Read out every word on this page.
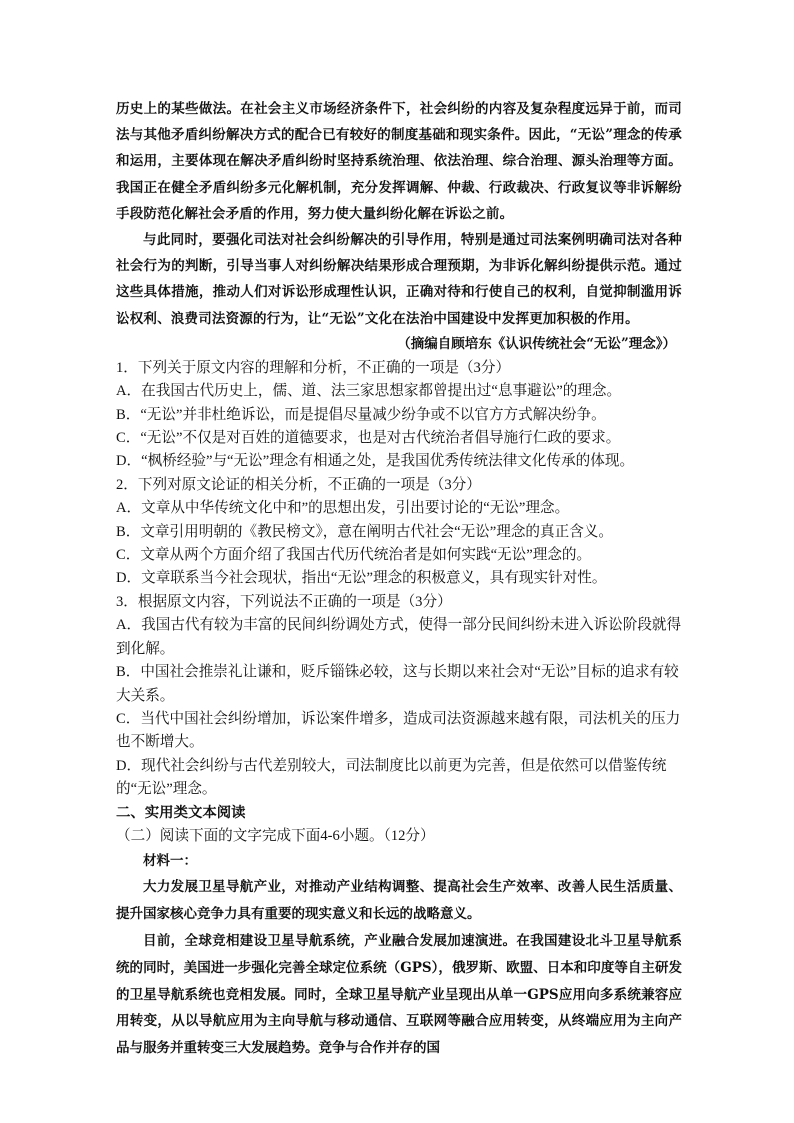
历史上的某些做法。在社会主义市场经济条件下，社会纠纷的内容及复杂程度远异于前，而司法与其他矛盾纠纷解决方式的配合已有较好的制度基础和现实条件。因此，“无讼”理念的传承和运用，主要体现在解决矛盾纠纷时坚持系统治理、依法治理、综合治理、源头治理等方面。我国正在健全矛盾纠纷多元化解机制，充分发挥调解、仲裁、行政裁决、行政复议等非诉解纷手段防范化解社会矛盾的作用，努力使大量纠纷化解在诉讼之前。

与此同时，要强化司法对社会纠纷解决的引导作用，特别是通过司法案例明确司法对各种社会行为的判断，引导当事人对纠纷解决结果形成合理预期，为非诉化解纠纷提供示范。通过这些具体措施，推动人们对诉讼形成理性认识，正确对待和行使自己的权利，自觉抑制滥用诉讼权利、浪费司法资源的行为，让“无讼”文化在法治中国建设中发挥更加积极的作用。

（摘编自顾培东《认识传统社会“无讼”理念》）

1．下列关于原文内容的理解和分析，不正确的一项是（3分）

A．在我国古代历史上，儒、道、法三家思想家都曾提出过“息事避讼”的理念。

B．“无讼”并非杜绝诉讼，而是提倡尽量减少纷争或不以官方方式解决纷争。

C．“无讼”不仅是对百姓的道德要求，也是对古代统治者倡导施行仁政的要求。

D．“枫桥经验”与“无讼”理念有相通之处，是我国优秀传统法律文化传承的体现。

2．下列对原文论证的相关分析，不正确的一项是（3分）

A．文章从中华传统文化中和”的思想出发，引出要讨论的“无讼”理念。

B．文章引用明朝的《教民榜文》，意在阐明古代社会“无讼”理念的真正含义。

C．文章从两个方面介绍了我国古代历代统治者是如何实践“无讼”理念的。

D．文章联系当今社会现状，指出“无讼”理念的积极意义，具有现实针对性。

3．根据原文内容，下列说法不正确的一项是（3分）

A．我国古代有较为丰富的民间纠纷调处方式，使得一部分民间纠纷未进入诉讼阶段就得到化解。

B．中国社会推崇礼让谦和，贬斥锱铢必较，这与长期以来社会对“无讼”目标的追求有较大关系。

C．当代中国社会纠纷增加，诉讼案件增多，造成司法资源越来越有限，司法机关的压力也不断增大。

D．现代社会纠纷与古代差别较大，司法制度比以前更为完善，但是依然可以借鉴传统的“无讼”理念。

二、实用类文本阅读

（二）阅读下面的文字完成下面4-6小题。（12分）

材料一：

大力发展卫星导航产业，对推动产业结构调整、提高社会生产效率、改善人民生活质量、提升国家核心竞争力具有重要的现实意义和长远的战略意义。

目前，全球竞相建设卫星导航系统，产业融合发展加速演进。在我国建设北斗卫星导航系统的同时，美国进一步强化完善全球定位系统（GPS），俄罗斯、欧盟、日本和印度等自主研发的卫星导航系统也竞相发展。同时，全球卫星导航产业呈现出从单一GPS应用向多系统兼容应用转变，从以导航应用为主向导航与移动通信、互联网等融合应用转变，从终端应用为主向产品与服务并重转变三大发展趋势。竞争与合作并存的国
